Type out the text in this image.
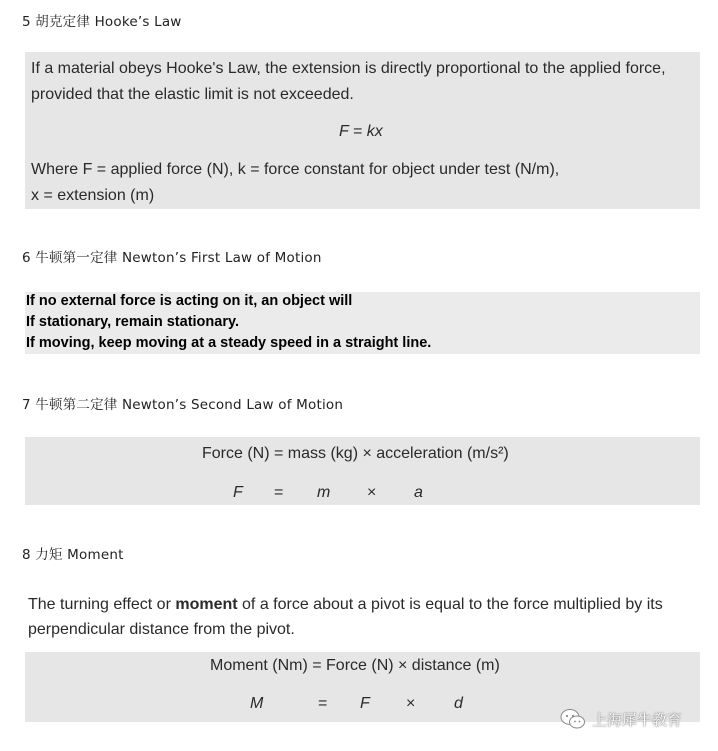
5 胡克定律 Hooke’s Law
If a material obeys Hooke's Law, the extension is directly proportional to the applied force,
provided that the elastic limit is not exceeded.
F = kx
Where F = applied force (N), k = force constant for object under test (N/m),
x = extension (m)
6 牛顿第一定律 Newton’s First Law of Motion
If no external force is acting on it, an object will
If stationary, remain stationary.
If moving, keep moving at a steady speed in a straight line.
7 牛顿第二定律 Newton’s Second Law of Motion
Force (N) = mass (kg) × acceleration (m/s²)
F = m × a
8 力矩 Moment
The turning effect or moment of a force about a pivot is equal to the force multiplied by its
perpendicular distance from the pivot.
Moment (Nm) = Force (N) × distance (m)
M	= F × d
上海犀牛教育
